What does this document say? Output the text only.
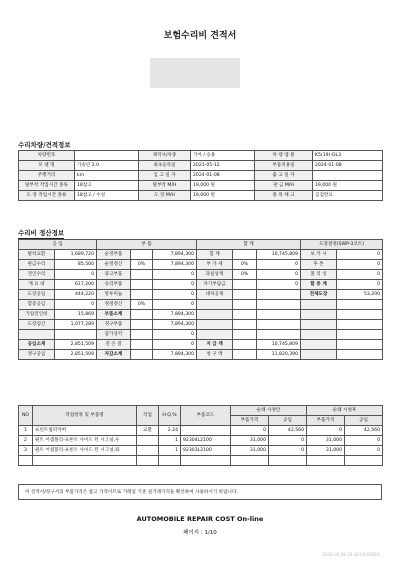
보험수리비 견적서
수리차량/견적정보
차량번호		제작사/차종	기아 / 승용	차 량 엠 블	K5(19)-DL3
모 델 명	가솔린 2.0	최초등록일	2021-05-12	부품적용일	2024-01-08
주행거리	km	입 고 일 자	2024-01-08	출 고 일 자	
탈부착 작업시간 종류	18참고	탈부착 M/H	19,000 원	판 금 M/H	19,000 원
도 장 작업시간 종류	18참고 / 수성	도 장 M/H	19,000 원	종 목 체 크	김검완료
수리비 정산정보
공 임		부 품			합 계			도장결정(SWP-3코트)	
탈착교환	1,689,720	순정부품		7,894,300	합 계		10,745,809	보 카 시	0
판금수리	85,500	순정정산	0%	7,894,300	부 가 세	0%	0	투 톤	0
견인수리	0	중고부품		0	과실상계	0%	0	폴 리 싱	0
재 료 대	617,200	유리부품		0	자기부담금		0	할 증 계	0
도장공임	444,220	알루미늄		0	대차공제			전체도장	53,200
할증공임	0	정정정산	0%	0					
가압견인비	15,869	부품소계		7,894,300					
도장검산	1,077,289	정구부품		7,894,300					
		감가상각		0					
공임소계	2,851,509	전 손 절		0	지 급 액		10,745,809		
정구공임	2,851,509	자감소계		7,894,300	청 구 액		11,820,390		
NO	작업항목 및 부품명	작업	H.Q.%	부품코드	순례 사정안		순례 시청후	
					부품가격	공임	부품가격	공임
1	프런트범퍼커버	교환	2.24		0	42,560	0	42,560
2	뭔트 어셈블리-프론트 사이드 턴 시그널,우		1	92304L2100	31,000	0	31,000	0
3	뭔트 어셈블리-프론트 사이드 턴 시그널,좌		1	92303L2100	31,000	0	31,000	0

이 견적서/청구서의 부품가격은 참고 가격이므로 거래일 기준 실거래가격을 확인하여 사용하시기 바랍니다.
AUTOMOBILE REPAIR COST On-line
페이지 : 1/10
2024-01-08 10:30:00 KOREA
